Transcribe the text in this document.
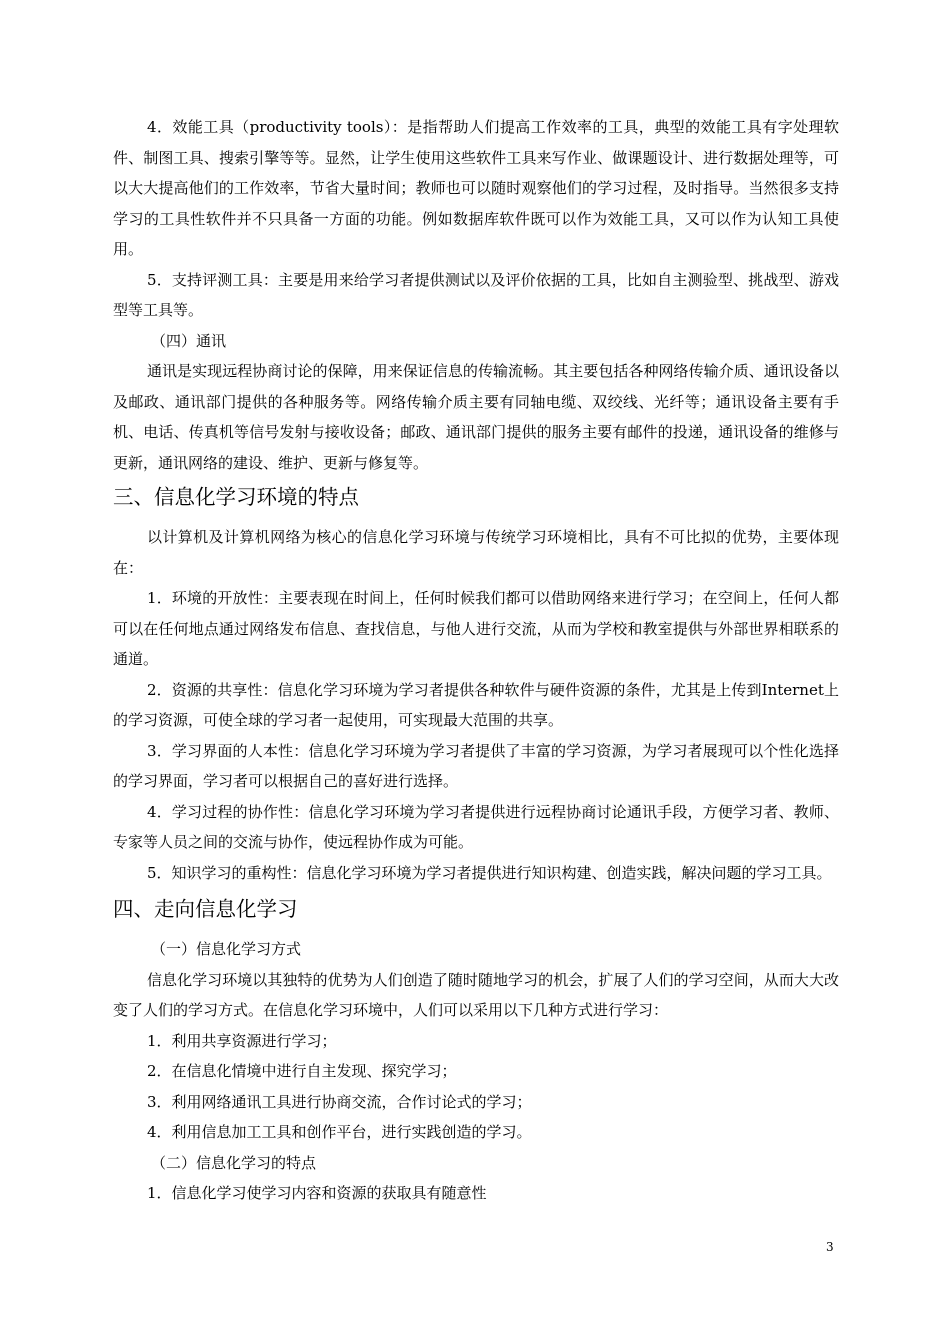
4．效能工具（productivity tools）：是指帮助人们提高工作效率的工具，典型的效能工具有字处理软件、制图工具、搜索引擎等等。显然，让学生使用这些软件工具来写作业、做课题设计、进行数据处理等，可以大大提高他们的工作效率，节省大量时间；教师也可以随时观察他们的学习过程，及时指导。当然很多支持学习的工具性软件并不只具备一方面的功能。例如数据库软件既可以作为效能工具，又可以作为认知工具使用。

5．支持评测工具：主要是用来给学习者提供测试以及评价依据的工具，比如自主测验型、挑战型、游戏型等工具等。

（四）通讯

通讯是实现远程协商讨论的保障，用来保证信息的传输流畅。其主要包括各种网络传输介质、通讯设备以及邮政、通讯部门提供的各种服务等。网络传输介质主要有同轴电缆、双绞线、光纤等；通讯设备主要有手机、电话、传真机等信号发射与接收设备；邮政、通讯部门提供的服务主要有邮件的投递，通讯设备的维修与更新，通讯网络的建设、维护、更新与修复等。

三、信息化学习环境的特点

以计算机及计算机网络为核心的信息化学习环境与传统学习环境相比，具有不可比拟的优势，主要体现在：

1．环境的开放性：主要表现在时间上，任何时候我们都可以借助网络来进行学习；在空间上，任何人都可以在任何地点通过网络发布信息、查找信息，与他人进行交流，从而为学校和教室提供与外部世界相联系的通道。

2．资源的共享性：信息化学习环境为学习者提供各种软件与硬件资源的条件，尤其是上传到Internet上的学习资源，可使全球的学习者一起使用，可实现最大范围的共享。

3．学习界面的人本性：信息化学习环境为学习者提供了丰富的学习资源，为学习者展现可以个性化选择的学习界面，学习者可以根据自己的喜好进行选择。

4．学习过程的协作性：信息化学习环境为学习者提供进行远程协商讨论通讯手段，方便学习者、教师、专家等人员之间的交流与协作，使远程协作成为可能。

5．知识学习的重构性：信息化学习环境为学习者提供进行知识构建、创造实践，解决问题的学习工具。

四、走向信息化学习

（一）信息化学习方式

信息化学习环境以其独特的优势为人们创造了随时随地学习的机会，扩展了人们的学习空间，从而大大改变了人们的学习方式。在信息化学习环境中，人们可以采用以下几种方式进行学习：

1．利用共享资源进行学习；

2．在信息化情境中进行自主发现、探究学习；

3．利用网络通讯工具进行协商交流，合作讨论式的学习；

4．利用信息加工工具和创作平台，进行实践创造的学习。

（二）信息化学习的特点

1．信息化学习使学习内容和资源的获取具有随意性

3
